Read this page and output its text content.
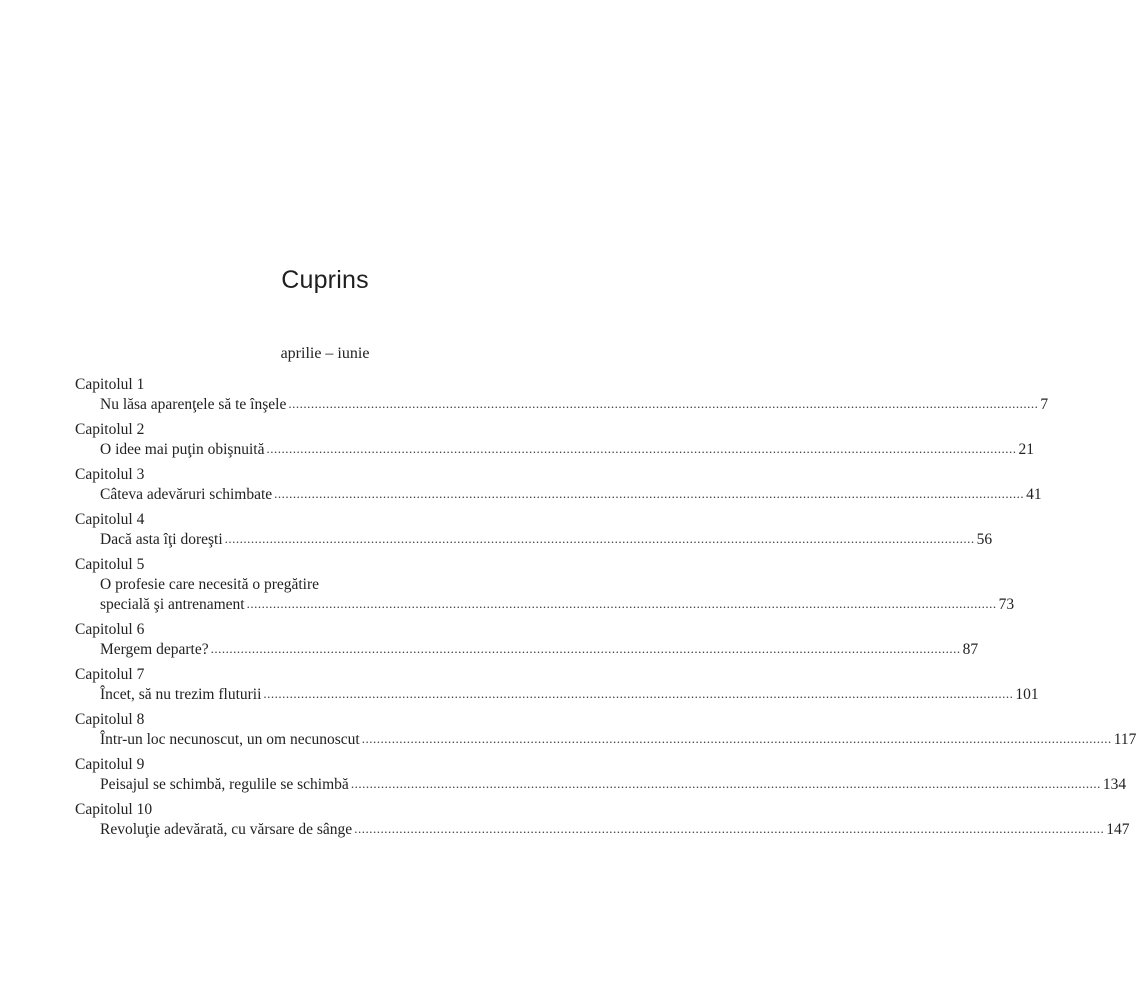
Cuprins
aprilie – iunie
Capitolul 1
Nu lăsa aparenţele să te înşele ........................................................................................................................................................................................................ 7
Capitolul 2
O idee mai puţin obişnuită ........................................................................................................................................................................................................ 21
Capitolul 3
Câteva adevăruri schimbate ........................................................................................................................................................................................................ 41
Capitolul 4
Dacă asta îţi doreşti ........................................................................................................................................................................................................ 56
Capitolul 5
O profesie care necesită o pregătire
specială şi antrenament ........................................................................................................................................................................................................ 73
Capitolul 6
Mergem departe? ........................................................................................................................................................................................................ 87
Capitolul 7
Încet, să nu trezim fluturii ........................................................................................................................................................................................................ 101
Capitolul 8
Într-un loc necunoscut, un om necunoscut ........................................................................................................................................................................................................ 117
Capitolul 9
Peisajul se schimbă, regulile se schimbă ........................................................................................................................................................................................................ 134
Capitolul 10
Revoluţie adevărată, cu vărsare de sânge ........................................................................................................................................................................................................ 147
